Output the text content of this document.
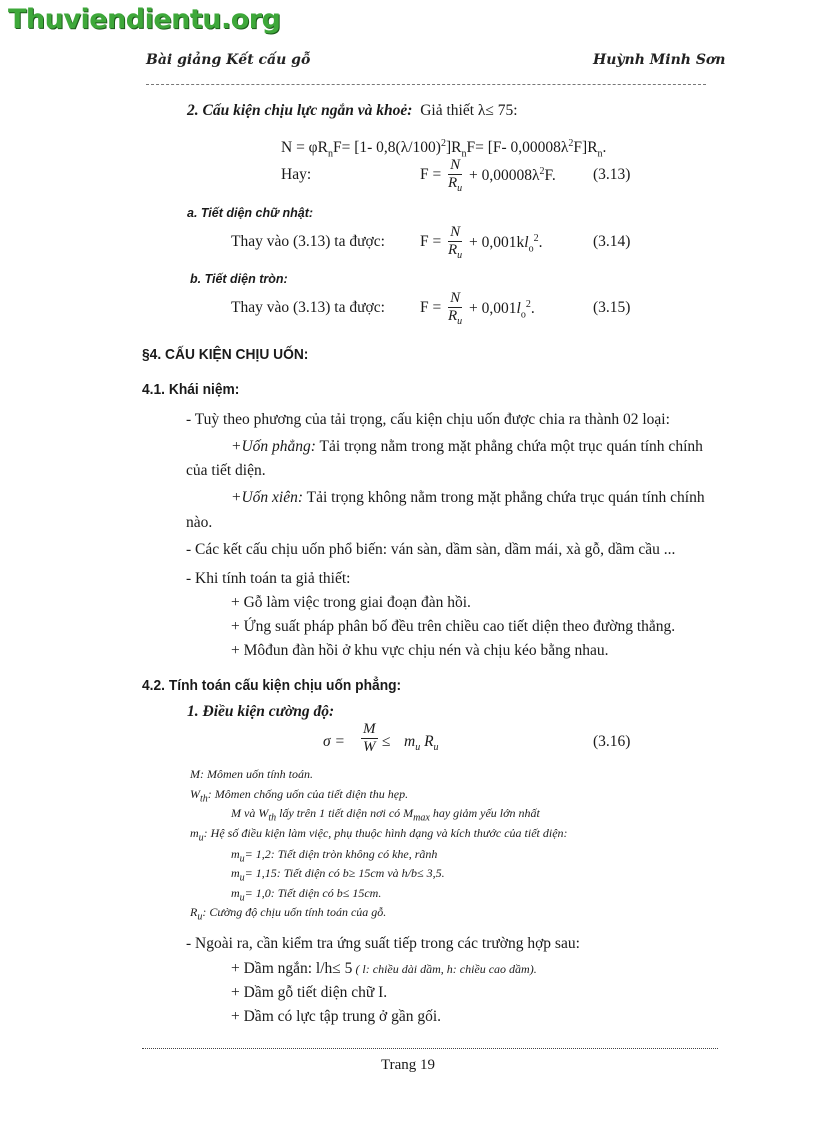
Thuviendientu.org
Bài giảng Kết cấu gỗ	Huỳnh Minh Sơn
2. Cấu kiện chịu lực ngắn và khoẻ: Giả thiết λ≤ 75:
$N = \varphi R_nF= [1-$ $0,8(\lambda/100)^2]R_nF= [F-$ $0,00008\lambda^2F]R_n$.
Hay:	F =
N
$R_u$
+ $0,00008\lambda^2F$. (3.13)
a. Tiết diện chữ nhật:
Thay vào (3.13) ta được: F =
N
$R_u$
+ $0,001kl_o^2$.	(3.14)
b. Tiết diện tròn:
Thay vào (3.13) ta được: F =
N
$R_u$
+ $0,001l_o^2$.	(3.15)
§4. CẤU KIỆN CHỊU UỐN:
4.1. Khái niệm:
- Tuỳ theo phương của tải trọng, cấu kiện chịu uốn được chia ra thành 02 loại:
+Uốn phẳng: Tải trọng nằm trong mặt phẳng chứa một trục quán tính chính
của tiết diện.
+Uốn xiên: Tải trọng không nằm trong mặt phẳng chứa trục quán tính chính
nào.
- Các kết cấu chịu uốn phổ biến: ván sàn, dầm sàn, dầm mái, xà gỗ, dầm cầu ...
- Khi tính toán ta giả thiết:
+ Gỗ làm việc trong giai đoạn đàn hồi.
+ Ứng suất pháp phân bố đều trên chiều cao tiết diện theo đường thẳng.
+ Môđun đàn hồi ở khu vực chịu nén và chịu kéo bằng nhau.
4.2. Tính toán cấu kiện chịu uốn phẳng:
1. Điều kiện cường độ:
σ =
M
$W \le m_u$ $R_u$	(3.16)
M: Mômen uốn tính toán.
$W_{th}$: Mômen chống uốn của tiết diện thu hẹp.
M và $W_{th}$ lấy trên 1 tiết diện nơi có $M_{max}$ hay giảm yếu lớn nhất
$m_u$: Hệ số điều kiện làm việc, phụ thuộc hình dạng và kích thước của tiết diện:
$m_u= 1,2$: Tiết diện tròn không có khe, rãnh
$m_u= 1,15$: Tiết diện có b≥ 15cm và h/b≤ 3,5.
$m_u= 1,0$: Tiết diện có b≤ 15cm.
$R_u$: Cường độ chịu uốn tính toán của gỗ.
- Ngoài ra, cần kiểm tra ứng suất tiếp trong các trường hợp sau:
+ Dầm ngắn: l/h≤ 5 ( l: chiều dài dầm, h: chiều cao dầm).
+ Dầm gỗ tiết diện chữ I.
+ Dầm có lực tập trung ở gần gối.
Trang 19
